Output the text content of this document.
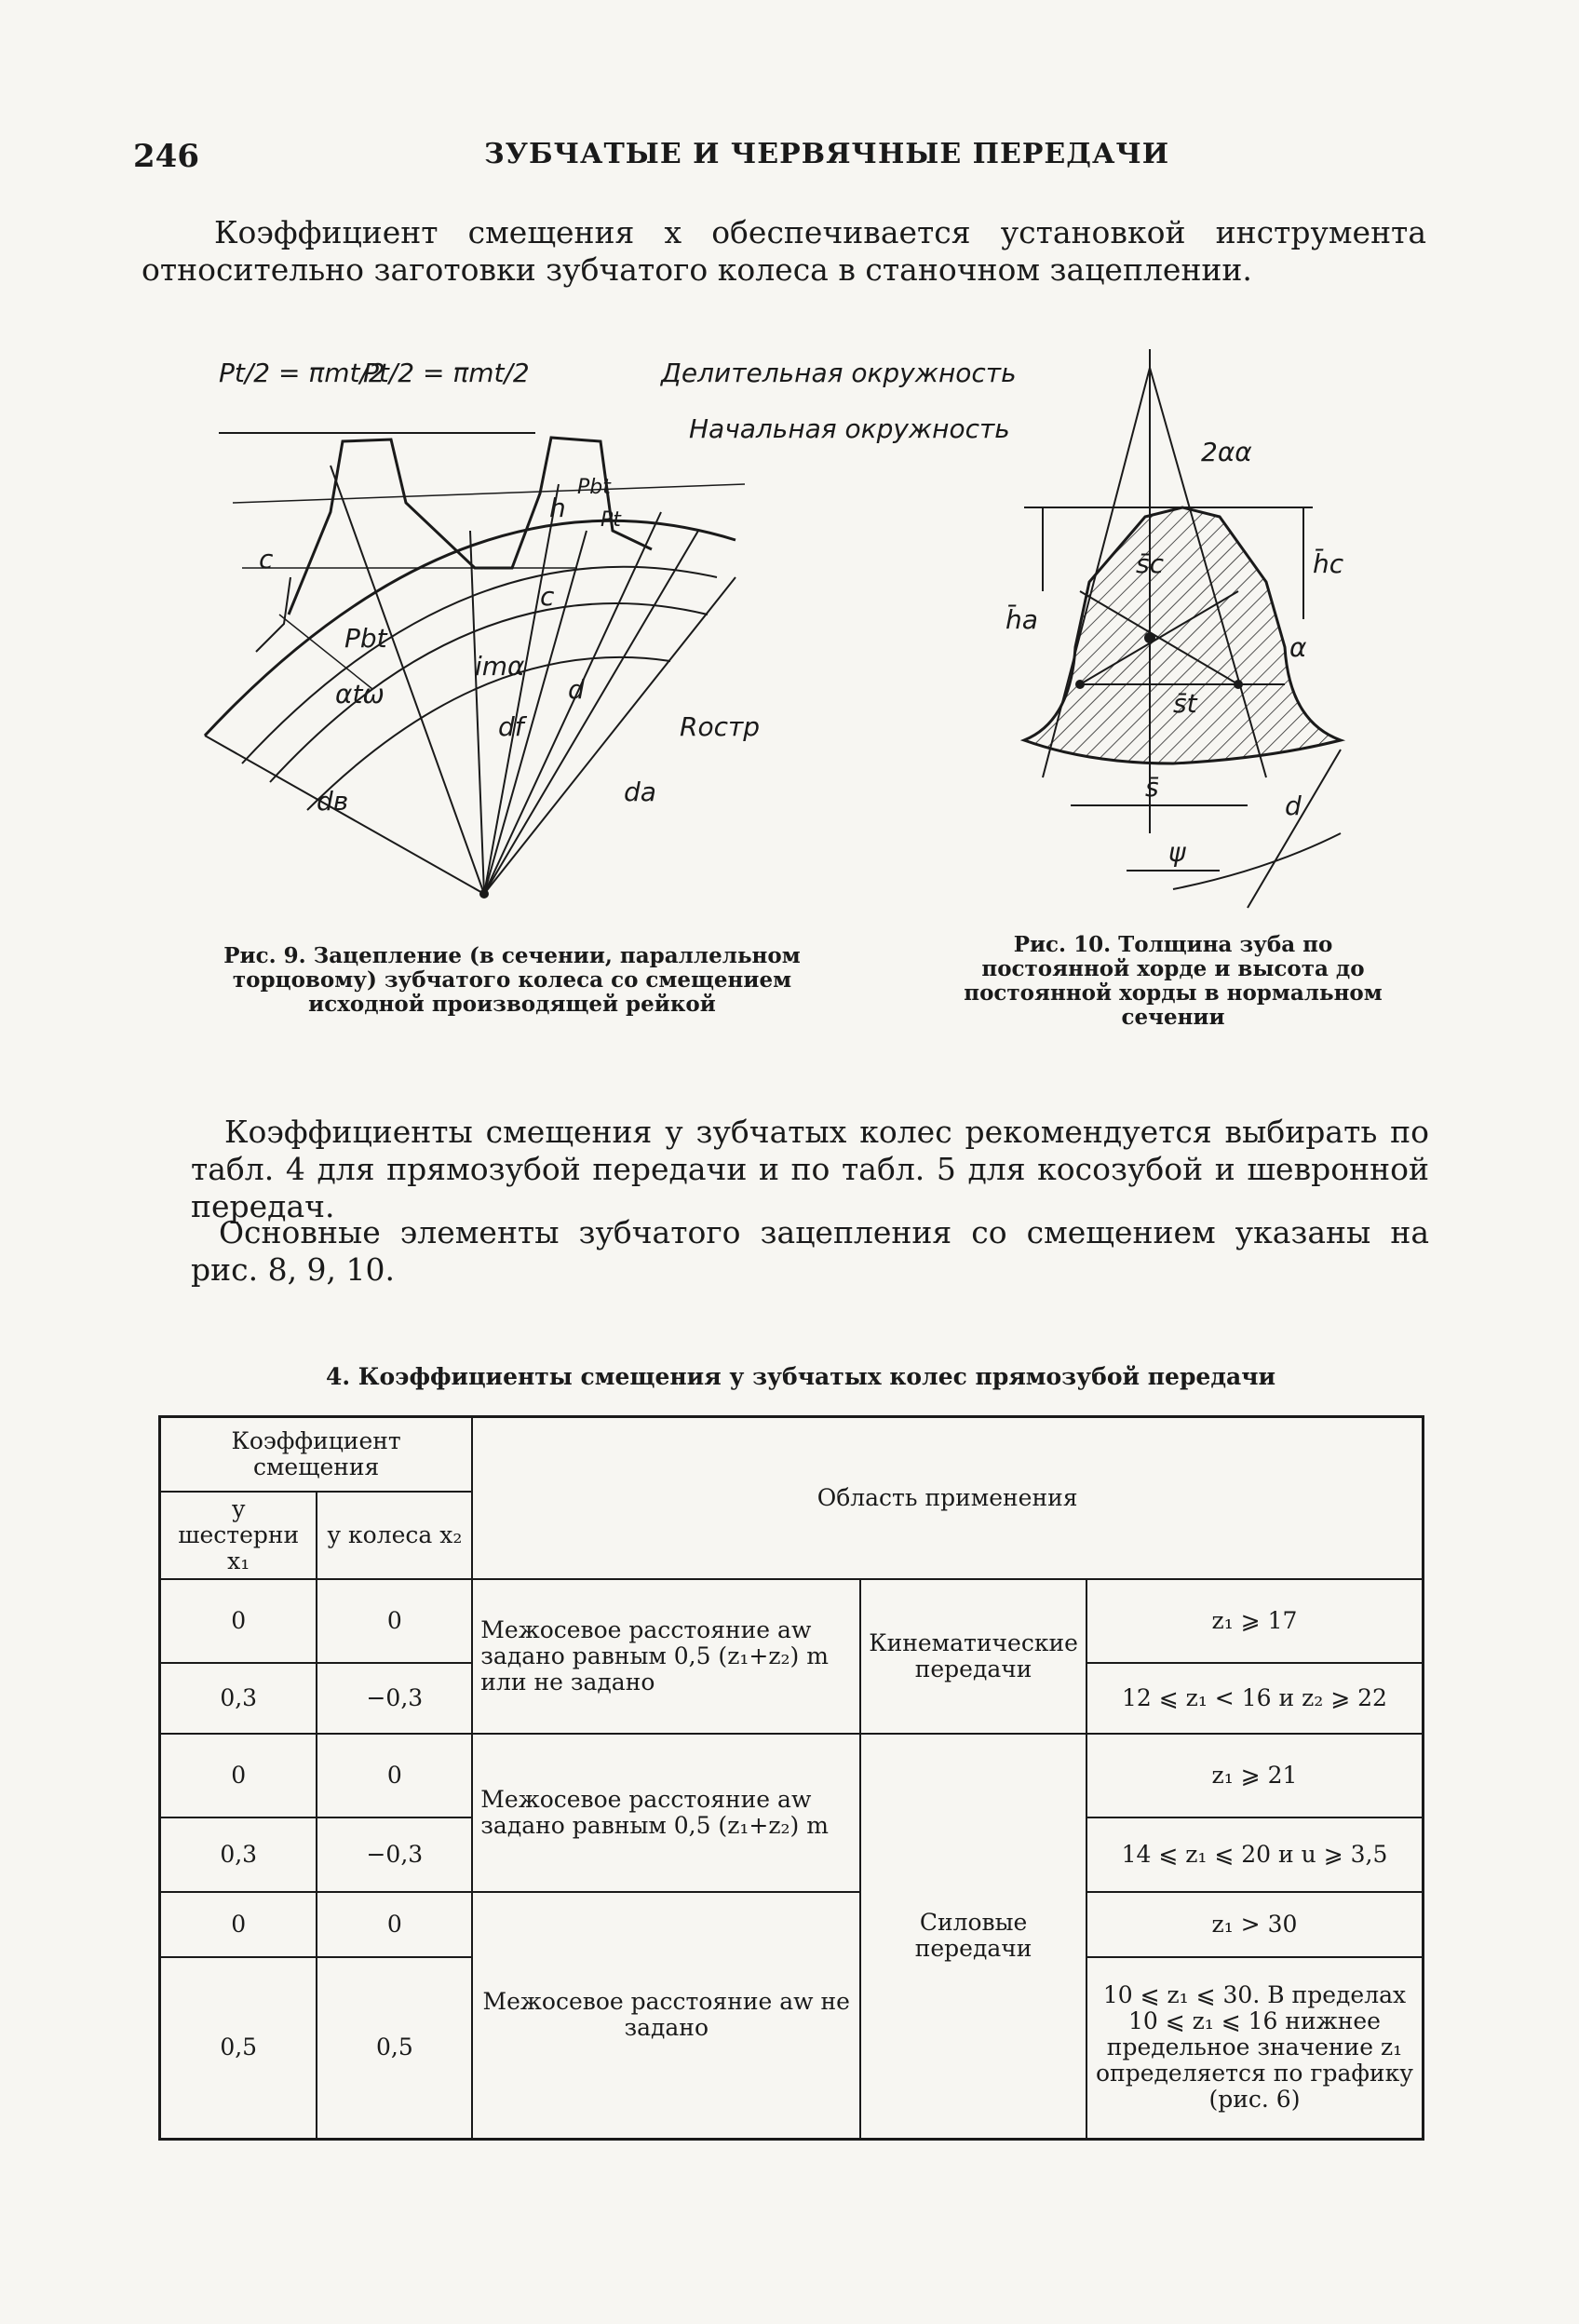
246	ЗУБЧАТЫЕ И ЧЕРВЯЧНЫЕ ПЕРЕДАЧИ
Коэффициент смещения x обеспечивается установкой инструмента относительно заготовки зубчатого колеса в станочном зацеплении.
Pt/2 = πmt/2
Pt/2 = πmt/2	Делительная окружность
Начальная окружность
c
c
h
Pbt
Pt
Pbt
αtω
imα
d
df
da
dв
Rостр
2αα
h̄a
h̄c
s̄c
s̄t
s̄
α
ψ
d
Рис. 9. Зацепление (в сечении, параллельном торцовому) зубчатого колеса со смещением исходной производящей рейкой
Рис. 10. Толщина зуба по постоянной хорде и высота до постоянной хорды в нормальном сечении
Коэффициенты смещения у зубчатых колес рекомендуется выбирать по табл. 4 для прямозубой передачи и по табл. 5 для косозубой и шевронной передач.
Основные элементы зубчатого зацепления со смещением указаны на рис. 8, 9, 10.
4. Коэффициенты смещения у зубчатых колес прямозубой передачи
Коэффициент смещения		Область применения		
у шестерни x₁	у колеса x₂			
0	0	Межосевое расстояние aw задано равным 0,5 (z₁+z₂) m или не задано	Кинематические передачи	z₁ ⩾ 17
0,3	−0,3			12 ⩽ z₁ < 16 и z₂ ⩾ 22
0	0	Межосевое расстояние aw задано равным 0,5 (z₁+z₂) m	Силовые передачи	z₁ ⩾ 21
0,3	−0,3			14 ⩽ z₁ ⩽ 20 и u ⩾ 3,5
0	0	Межосевое расстояние aw не задано		z₁ > 30
0,5	0,5			10 ⩽ z₁ ⩽ 30. В пределах 10 ⩽ z₁ ⩽ 16 нижнее предельное значение z₁ определяется по графику (рис. 6)
